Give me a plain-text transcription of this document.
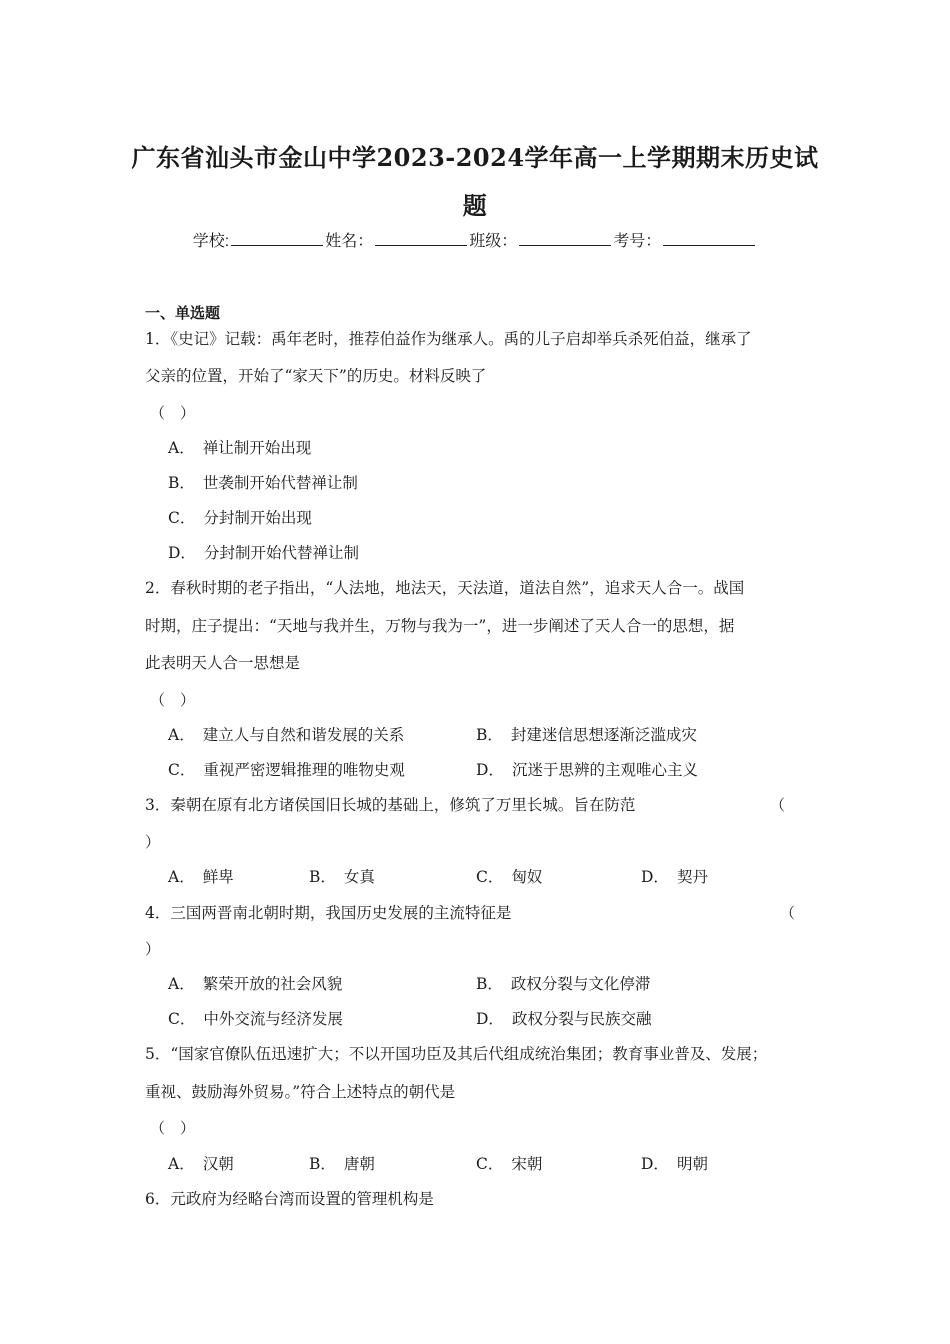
广东省汕头市金山中学2023-2024学年高一上学期期末历史试
题
学校:	姓名：	班级：	考号：
一、单选题
1．《史记》记载：禹年老时，推荐伯益作为继承人。禹的儿子启却举兵杀死伯益，继承了
父亲的位置，开始了“家天下”的历史。材料反映了
（　）
A． 禅让制开始出现
B． 世袭制开始代替禅让制
C． 分封制开始出现
D． 分封制开始代替禅让制
2．春秋时期的老子指出，“人法地，地法天，天法道，道法自然”，追求天人合一。战国
时期，庄子提出：“天地与我并生，万物与我为一”，进一步阐述了天人合一的思想，据
此表明天人合一思想是
（　）
A． 建立人与自然和谐发展的关系	B． 封建迷信思想逐渐泛滥成灾
C． 重视严密逻辑推理的唯物史观	D． 沉迷于思辨的主观唯心主义
3．秦朝在原有北方诸侯国旧长城的基础上，修筑了万里长城。旨在防范	（
）
A． 鲜卑	B． 女真	C． 匈奴	D． 契丹
4．三国两晋南北朝时期，我国历史发展的主流特征是	（
）
A． 繁荣开放的社会风貌	B． 政权分裂与文化停滞
C． 中外交流与经济发展	D． 政权分裂与民族交融
5．“国家官僚队伍迅速扩大；不以开国功臣及其后代组成统治集团；教育事业普及、发展；
重视、鼓励海外贸易。”符合上述特点的朝代是
（　）
A． 汉朝	B． 唐朝	C． 宋朝	D． 明朝
6．元政府为经略台湾而设置的管理机构是
